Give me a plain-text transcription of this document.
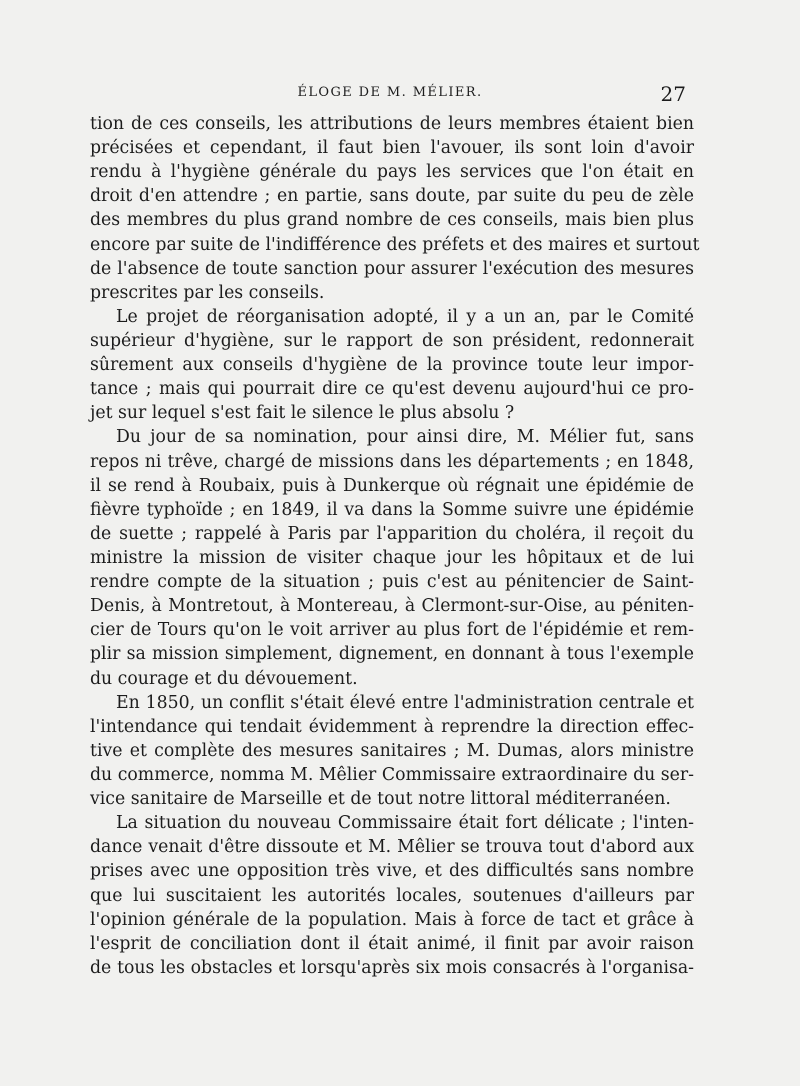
ÉLOGE DE M. MÉLIER.	27
tion de ces conseils, les attributions de leurs membres étaient bien
précisées et cependant, il faut bien l'avouer, ils sont loin d'avoir
rendu à l'hygiène générale du pays les services que l'on était en
droit d'en attendre ; en partie, sans doute, par suite du peu de zèle
des membres du plus grand nombre de ces conseils, mais bien plus
encore par suite de l'indifférence des préfets et des maires et surtout
de l'absence de toute sanction pour assurer l'exécution des mesures
prescrites par les conseils.
Le projet de réorganisation adopté, il y a un an, par le Comité
supérieur d'hygiène, sur le rapport de son président, redonnerait
sûrement aux conseils d'hygiène de la province toute leur impor-
tance ; mais qui pourrait dire ce qu'est devenu aujourd'hui ce pro-
jet sur lequel s'est fait le silence le plus absolu ?
Du jour de sa nomination, pour ainsi dire, M. Mélier fut, sans
repos ni trêve, chargé de missions dans les départements ; en 1848,
il se rend à Roubaix, puis à Dunkerque où régnait une épidémie de
fièvre typhoïde ; en 1849, il va dans la Somme suivre une épidémie
de suette ; rappelé à Paris par l'apparition du choléra, il reçoit du
ministre la mission de visiter chaque jour les hôpitaux et de lui
rendre compte de la situation ; puis c'est au pénitencier de Saint-
Denis, à Montretout, à Montereau, à Clermont-sur-Oise, au péniten-
cier de Tours qu'on le voit arriver au plus fort de l'épidémie et rem-
plir sa mission simplement, dignement, en donnant à tous l'exemple
du courage et du dévouement.
En 1850, un conflit s'était élevé entre l'administration centrale et
l'intendance qui tendait évidemment à reprendre la direction effec-
tive et complète des mesures sanitaires ; M. Dumas, alors ministre
du commerce, nomma M. Mêlier Commissaire extraordinaire du ser-
vice sanitaire de Marseille et de tout notre littoral méditerranéen.
La situation du nouveau Commissaire était fort délicate ; l'inten-
dance venait d'être dissoute et M. Mêlier se trouva tout d'abord aux
prises avec une opposition très vive, et des difficultés sans nombre
que lui suscitaient les autorités locales, soutenues d'ailleurs par
l'opinion générale de la population. Mais à force de tact et grâce à
l'esprit de conciliation dont il était animé, il finit par avoir raison
de tous les obstacles et lorsqu'après six mois consacrés à l'organisa-
